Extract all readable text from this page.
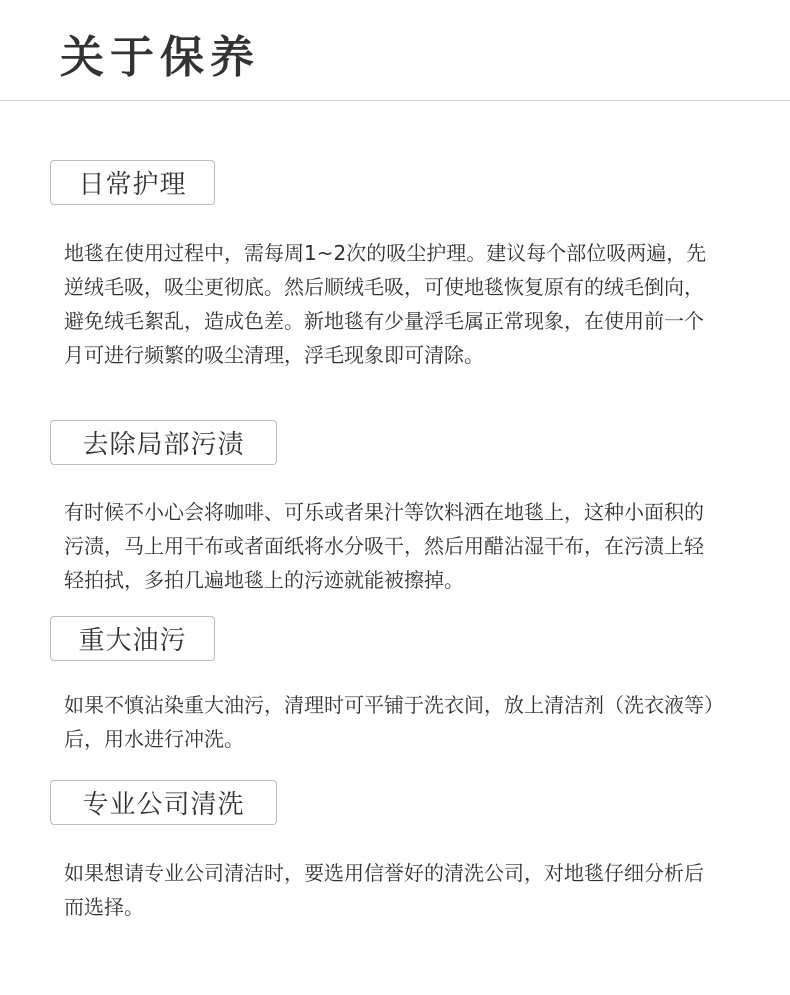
关于保养
日常护理
地毯在使用过程中，需每周1~2次的吸尘护理。建议每个部位吸两遍，先逆绒毛吸，吸尘更彻底。然后顺绒毛吸，可使地毯恢复原有的绒毛倒向，避免绒毛絮乱，造成色差。新地毯有少量浮毛属正常现象，在使用前一个月可进行频繁的吸尘清理，浮毛现象即可清除。
去除局部污渍
有时候不小心会将咖啡、可乐或者果汁等饮料洒在地毯上，这种小面积的污渍，马上用干布或者面纸将水分吸干，然后用醋沾湿干布，在污渍上轻轻拍拭，多拍几遍地毯上的污迹就能被擦掉。
重大油污
如果不慎沾染重大油污，清理时可平铺于洗衣间，放上清洁剂（洗衣液等）后，用水进行冲洗。
专业公司清洗
如果想请专业公司清洁时，要选用信誉好的清洗公司，对地毯仔细分析后而选择。
